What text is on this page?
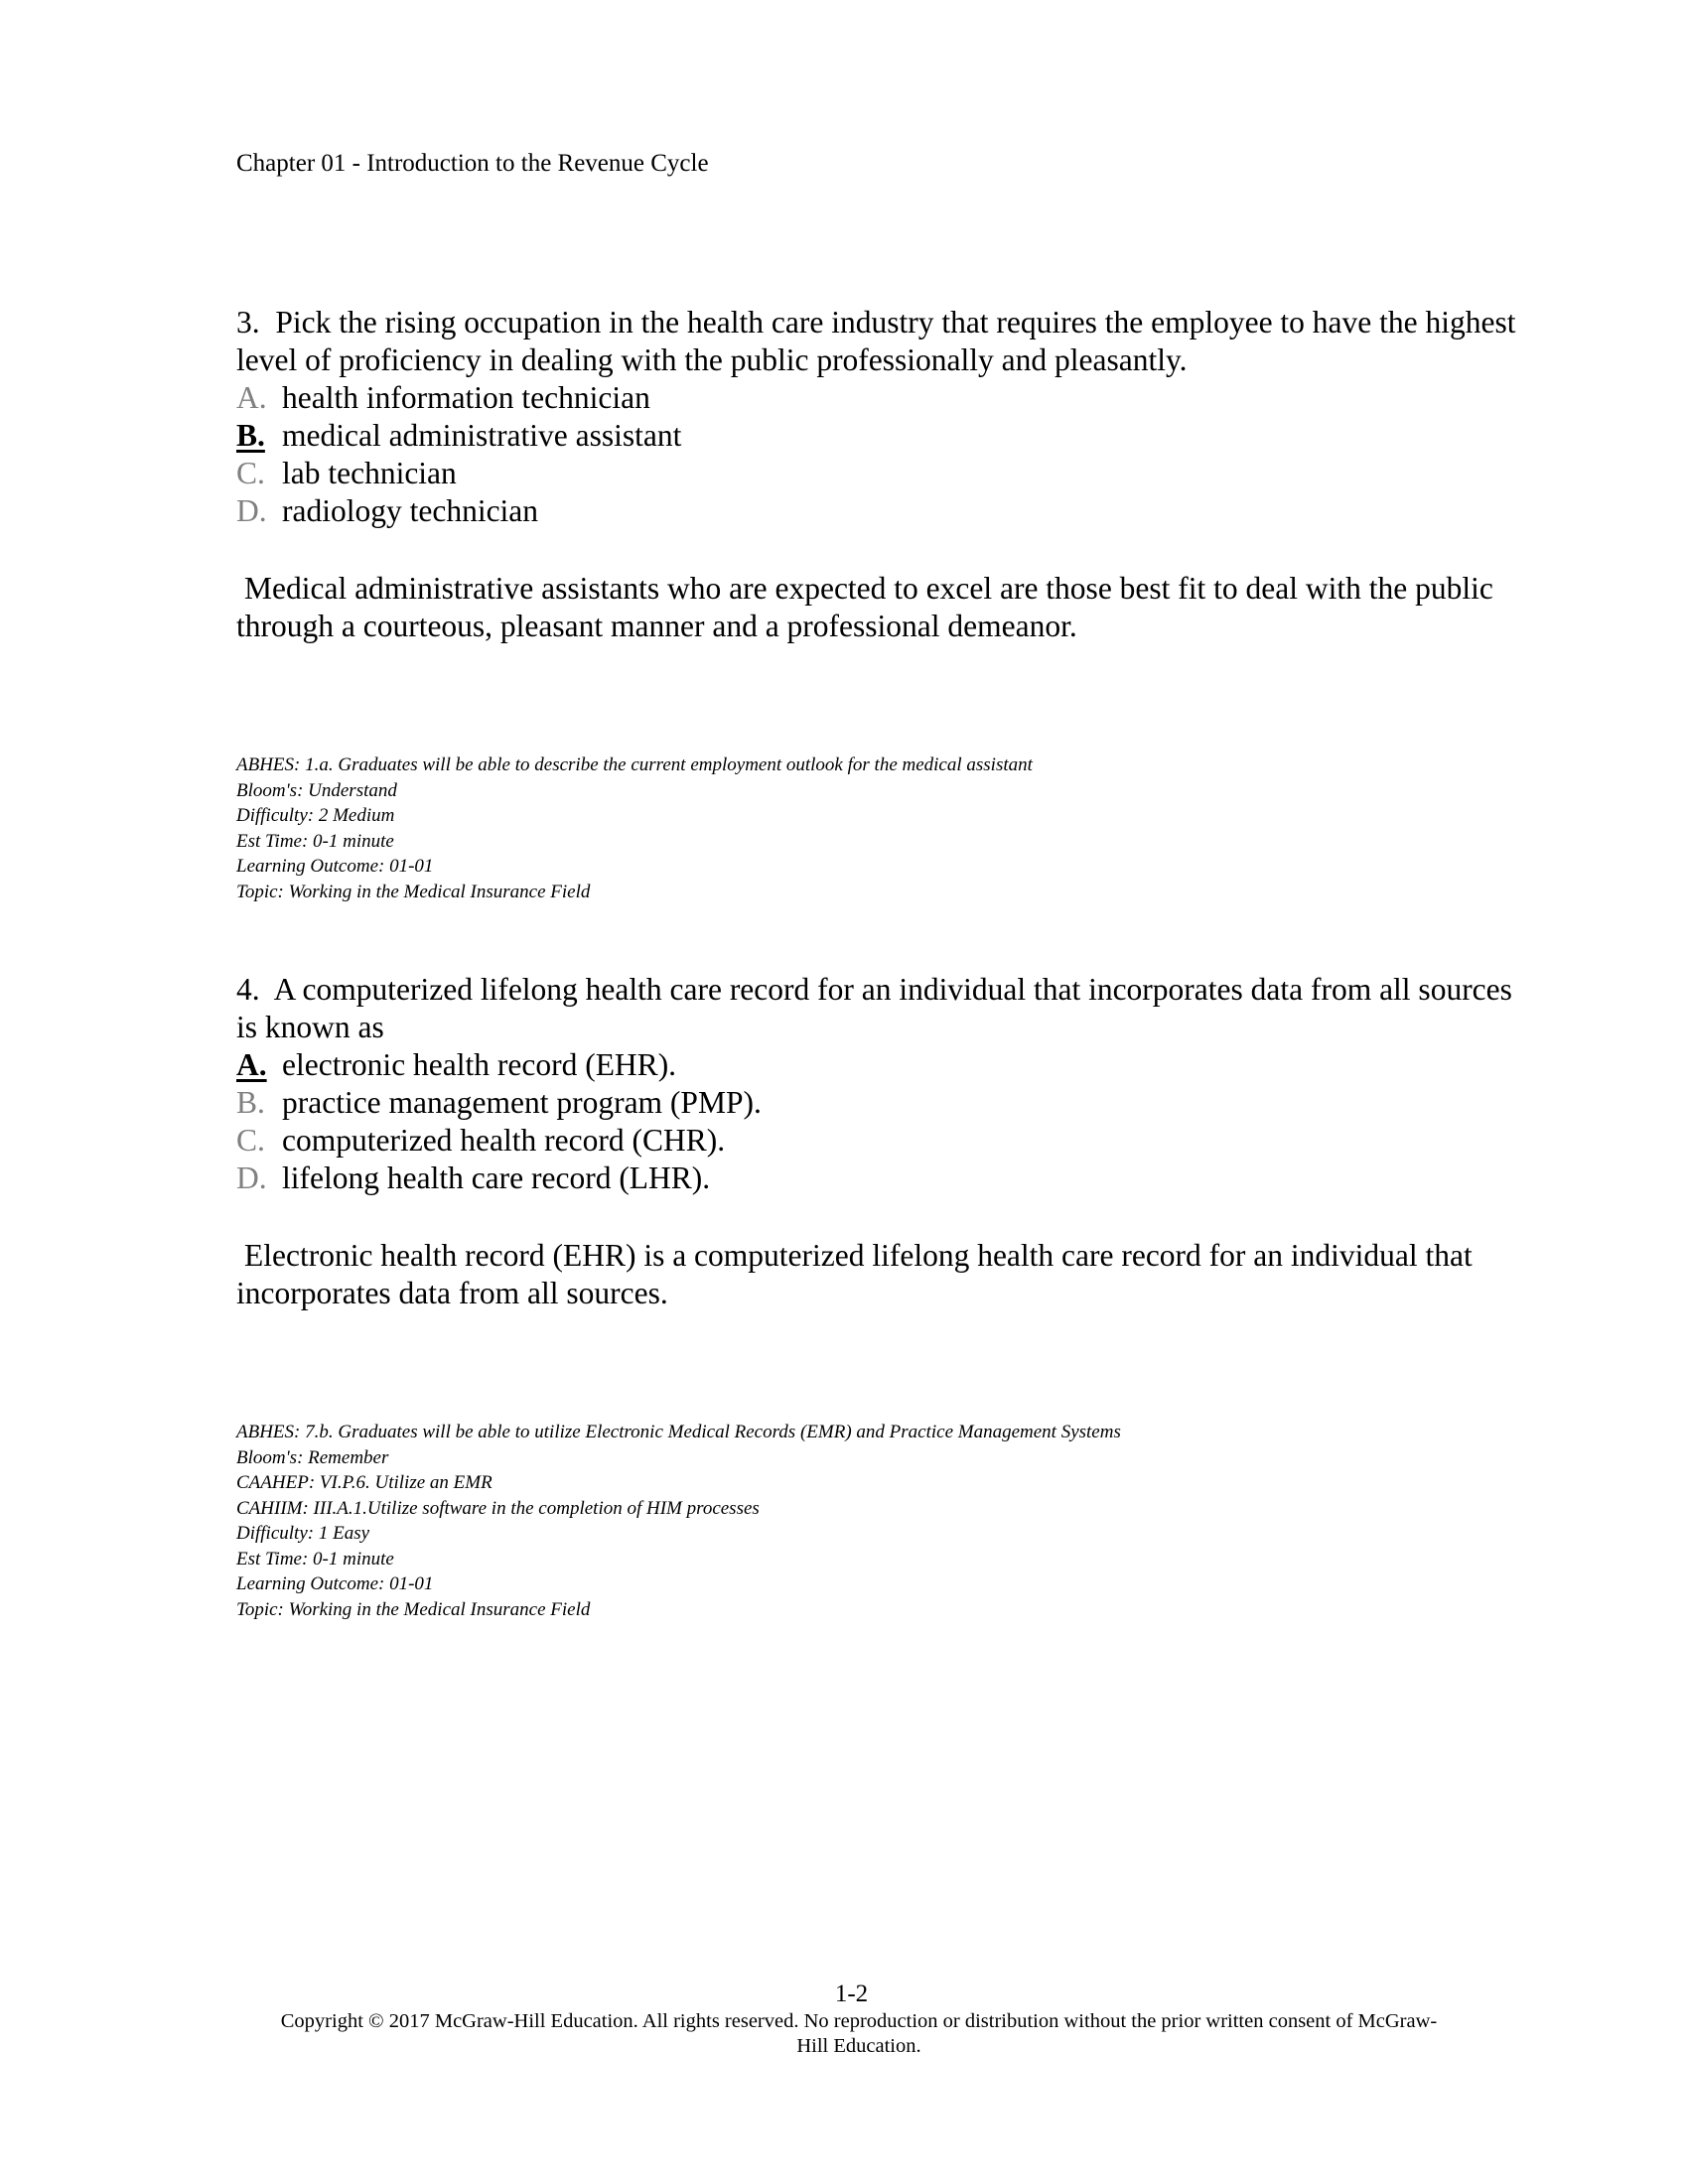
Chapter 01 - Introduction to the Revenue Cycle

3. Pick the rising occupation in the health care industry that requires the employee to have the highest level of proficiency in dealing with the public professionally and pleasantly.

A. health information technician
B. medical administrative assistant
C. lab technician
D. radiology technician

Medical administrative assistants who are expected to excel are those best fit to deal with the public through a courteous, pleasant manner and a professional demeanor.

ABHES: 1.a. Graduates will be able to describe the current employment outlook for the medical assistant
Bloom's: Understand
Difficulty: 2 Medium
Est Time: 0-1 minute
Learning Outcome: 01-01
Topic: Working in the Medical Insurance Field

4. A computerized lifelong health care record for an individual that incorporates data from all sources is known as

A. electronic health record (EHR).
B. practice management program (PMP).
C. computerized health record (CHR).
D. lifelong health care record (LHR).

Electronic health record (EHR) is a computerized lifelong health care record for an individual that incorporates data from all sources.

ABHES: 7.b. Graduates will be able to utilize Electronic Medical Records (EMR) and Practice Management Systems
Bloom's: Remember
CAAHEP: VI.P.6. Utilize an EMR
CAHIIM: III.A.1.Utilize software in the completion of HIM processes
Difficulty: 1 Easy
Est Time: 0-1 minute
Learning Outcome: 01-01
Topic: Working in the Medical Insurance Field
1-2
Copyright © 2017 McGraw-Hill Education. All rights reserved. No reproduction or distribution without the prior written consent of McGraw-Hill Education.
